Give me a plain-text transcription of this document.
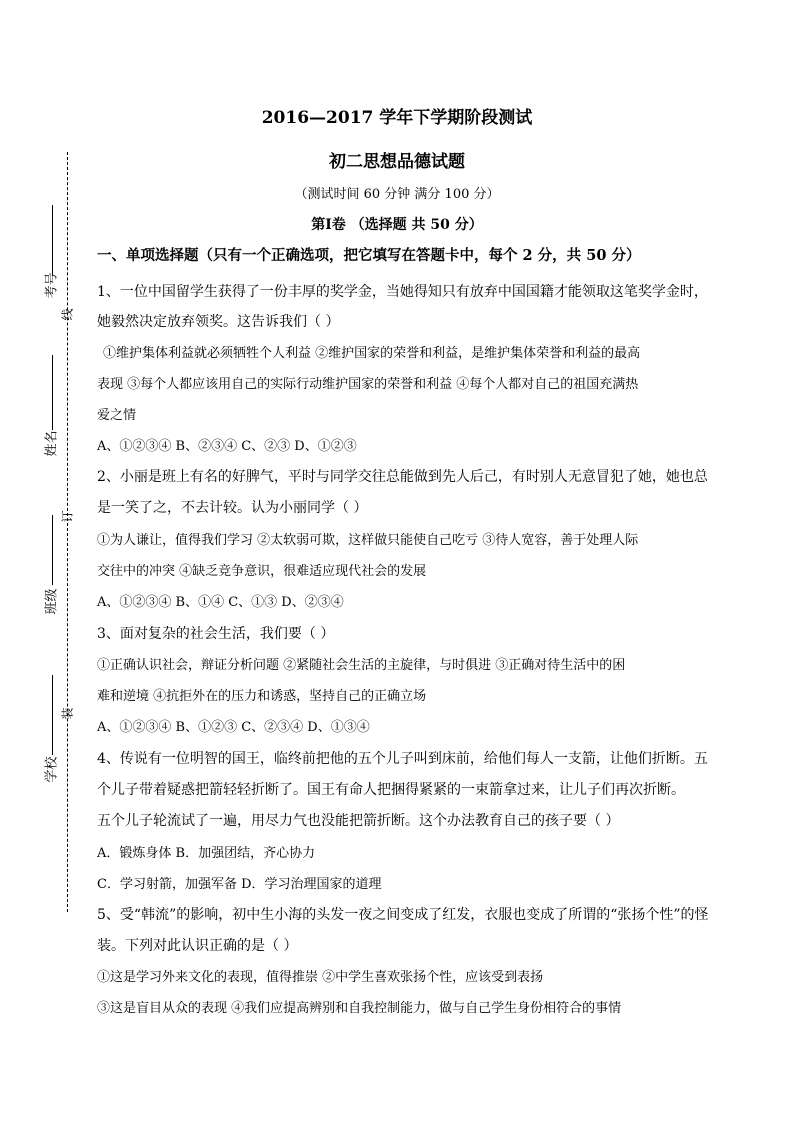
考号
线
姓名
订
班级
装
学校
2016—2017 学年下学期阶段测试
初二思想品德试题
（测试时间 60 分钟 满分 100 分）
第Ⅰ卷 （选择题 共 50 分）
一、单项选择题（只有一个正确选项，把它填写在答题卡中，每个 2 分，共 50 分）
1、一位中国留学生获得了一份丰厚的奖学金，当她得知只有放弃中国国籍才能领取这笔奖学金时，
她毅然决定放弃领奖。这告诉我们（ ）
①维护集体利益就必须牺牲个人利益 ②维护国家的荣誉和利益，是维护集体荣誉和利益的最高
表现 ③每个人都应该用自己的实际行动维护国家的荣誉和利益 ④每个人都对自己的祖国充满热
爱之情
A、①②③④ B、②③④ C、②③ D、①②③
2、小丽是班上有名的好脾气，平时与同学交往总能做到先人后己，有时别人无意冒犯了她，她也总
是一笑了之，不去计较。认为小丽同学（ ）
①为人谦让，值得我们学习 ②太软弱可欺，这样做只能使自己吃亏 ③待人宽容，善于处理人际
交往中的冲突 ④缺乏竞争意识，很难适应现代社会的发展
A、①②③④ B、①④ C、①③ D、②③④
3、面对复杂的社会生活，我们要（ ）
①正确认识社会，辩证分析问题 ②紧随社会生活的主旋律，与时俱进 ③正确对待生活中的困
难和逆境 ④抗拒外在的压力和诱惑，坚持自己的正确立场
A、①②③④ B、①②③ C、②③④ D、①③④
4、传说有一位明智的国王，临终前把他的五个儿子叫到床前，给他们每人一支箭，让他们折断。五
个儿子带着疑惑把箭轻轻折断了。国王有命人把捆得紧紧的一束箭拿过来，让儿子们再次折断。
五个儿子轮流试了一遍，用尽力气也没能把箭折断。这个办法教育自己的孩子要（ ）
A．锻炼身体 B．加强团结，齐心协力
C．学习射箭，加强军备 D．学习治理国家的道理
5、受“韩流”的影响，初中生小海的头发一夜之间变成了红发，衣服也变成了所谓的“张扬个性”的怪
装。下列对此认识正确的是（ ）
①这是学习外来文化的表现，值得推崇 ②中学生喜欢张扬个性，应该受到表扬
③这是盲目从众的表现 ④我们应提高辨别和自我控制能力，做与自己学生身份相符合的事情
